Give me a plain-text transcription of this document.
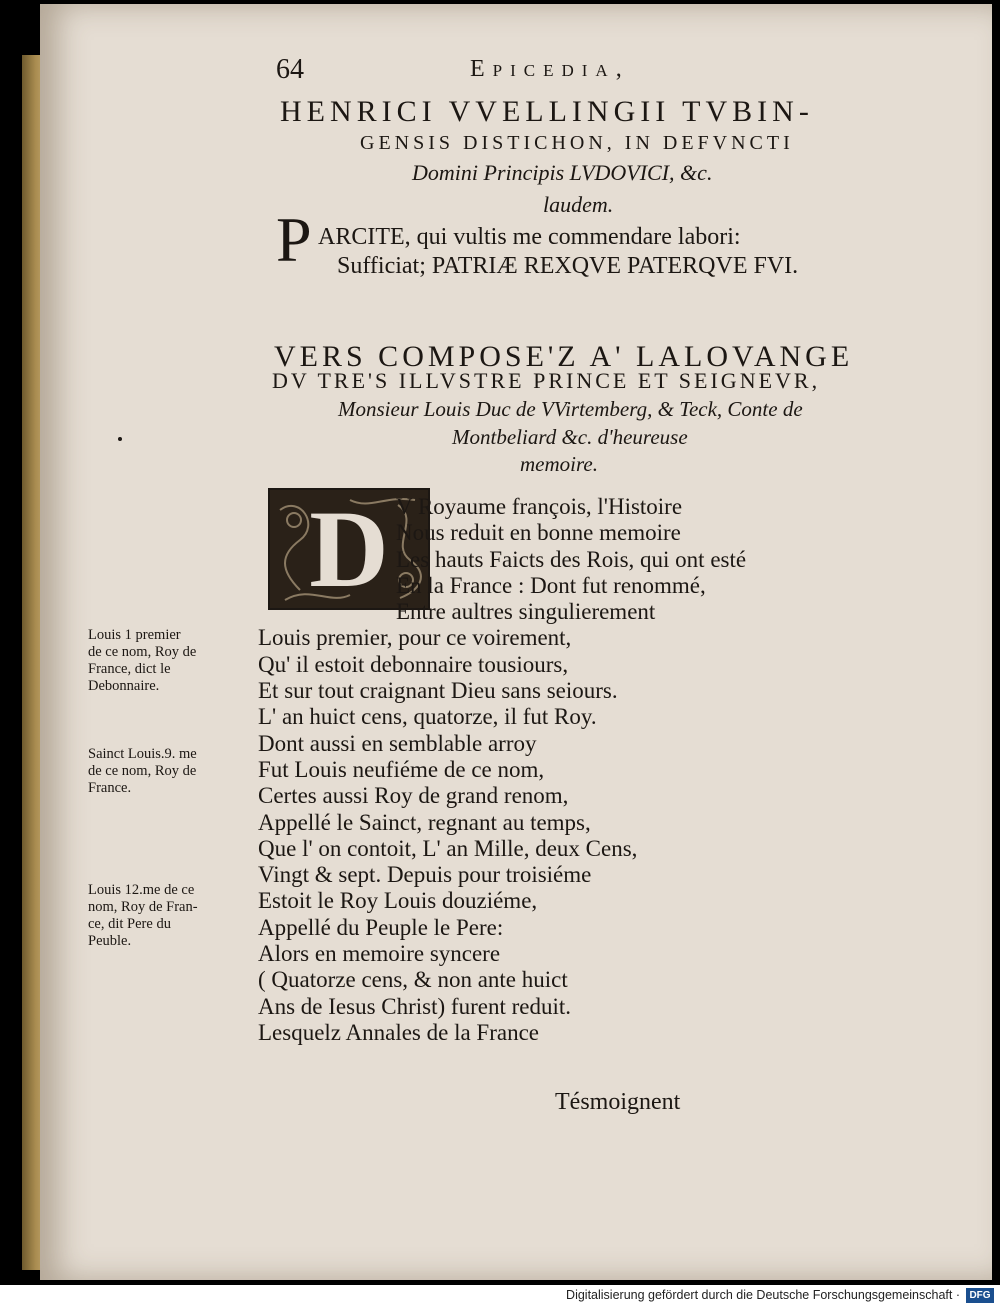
64	Epicedia,
HENRICI VVELLINGII TVBIN-
GENSIS DISTICHON, IN DEFVNCTI
Domini Principis LVDOVICI, &c.
laudem.
P ARCITE, qui vultis me commendare labori:
Sufficiat; PATRIÆ REXQVE PATERQVE FVI.
VERS COMPOSE'Z A' LALOVANGE
DV TRE'S ILLVSTRE PRINCE ET SEIGNEVR,
Monsieur Louis Duc de VVirtemberg, & Teck, Conte de
Montbeliard &c. d'heureuse
memoire.
D V Royaume françois, l'Histoire
Nous reduit en bonne memoire
Les hauts Faicts des Rois, qui ont esté
En la France : Dont fut renommé,
Entre aultres singulierement
Louis premier, pour ce voirement,
Qu' il estoit debonnaire tousiours,
Et sur tout craignant Dieu sans seiours.
L' an huict cens, quatorze, il fut Roy.
Dont aussi en semblable arroy
Fut Louis neufiéme de ce nom,
Certes aussi Roy de grand renom,
Appellé le Sainct, regnant au temps,
Que l' on contoit, L' an Mille, deux Cens,
Vingt & sept. Depuis pour troisiéme
Estoit le Roy Louis douziéme,
Appellé du Peuple le Pere:
Alors en memoire syncere
( Quatorze cens, & non ante huict
Ans de Iesus Christ) furent reduit.
Lesquelz Annales de la France
Louis 1 premier
de ce nom, Roy de
France, dict le
Debonnaire.
Sainct Louis.9. me
de ce nom, Roy de
France.
Louis 12.me de ce
nom, Roy de Fran-
ce, dit Pere du
Peuble.
Tésmoignent
Digitalisierung gefördert durch die Deutsche Forschungsgemeinschaft · DFG
